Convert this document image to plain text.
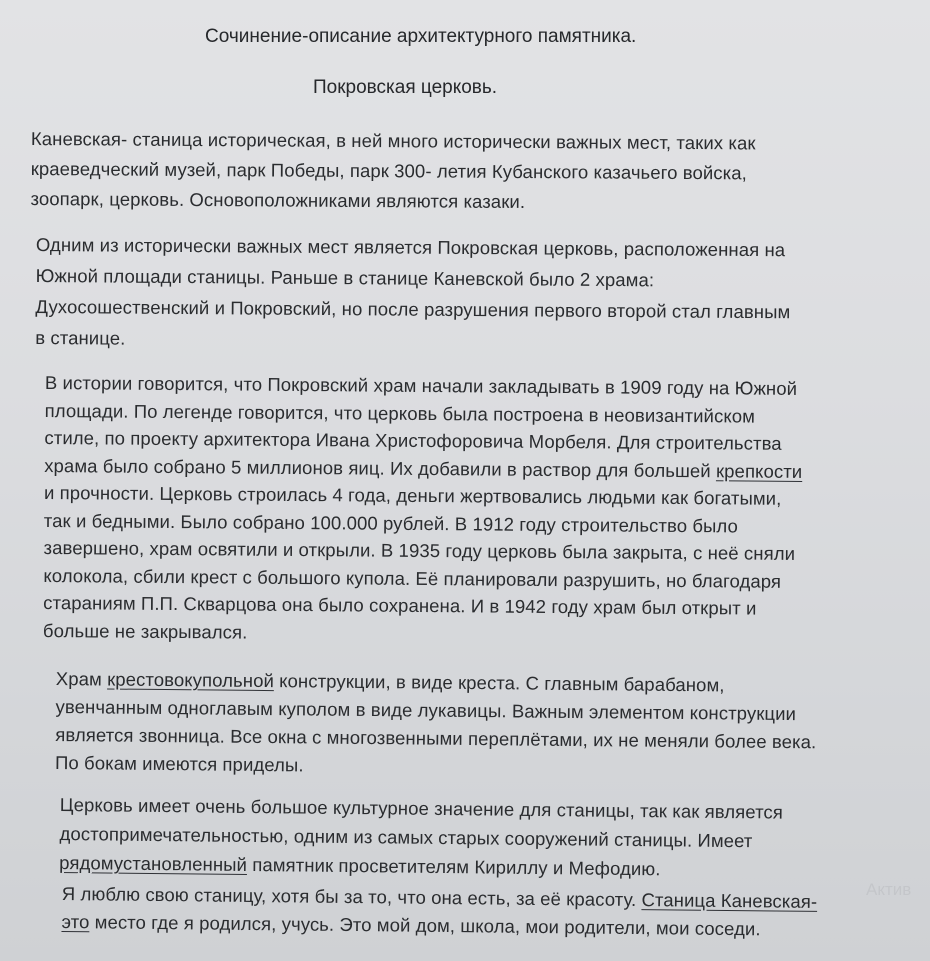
Сочинение-описание архитектурного памятника.
Покровская церковь.
Каневская- станица историческая, в ней много исторически важных мест, таких как
краеведческий музей, парк Победы, парк 300- летия Кубанского казачьего войска,
зоопарк, церковь. Основоположниками являются казаки.
Одним из исторически важных мест является Покровская церковь, расположенная на
Южной площади станицы. Раньше в станице Каневской было 2 храма:
Духосошественский и Покровский, но после разрушения первого второй стал главным
в станице.
В истории говорится, что Покровский храм начали закладывать в 1909 году на Южной
площади. По легенде говорится, что церковь была построена в неовизантийском
стиле, по проекту архитектора Ивана Христофоровича Морбеля. Для строительства
храма было собрано 5 миллионов яиц. Их добавили в раствор для большей крепкости
и прочности. Церковь строилась 4 года, деньги жертвовались людьми как богатыми,
так и бедными. Было собрано 100.000 рублей. В 1912 году строительство было
завершено, храм освятили и открыли. В 1935 году церковь была закрыта, с неё сняли
колокола, сбили крест с большого купола. Её планировали разрушить, но благодаря
стараниям П.П. Скварцова она было сохранена. И в 1942 году храм был открыт и
больше не закрывался.
Храм крестовокупольной конструкции, в виде креста. С главным барабаном,
увенчанным одноглавым куполом в виде лукавицы. Важным элементом конструкции
является звонница. Все окна с многозвенными переплётами, их не меняли более века.
По бокам имеются приделы.
Церковь имеет очень большое культурное значение для станицы, так как является
достопримечательностью, одним из самых старых сооружений станицы. Имеет
рядомустановленный памятник просветителям Кириллу и Мефодию.
Я люблю свою станицу, хотя бы за то, что она есть, за её красоту. Станица Каневская-
это место где я родился, учусь. Это мой дом, школа, мои родители, мои соседи.
Актив
